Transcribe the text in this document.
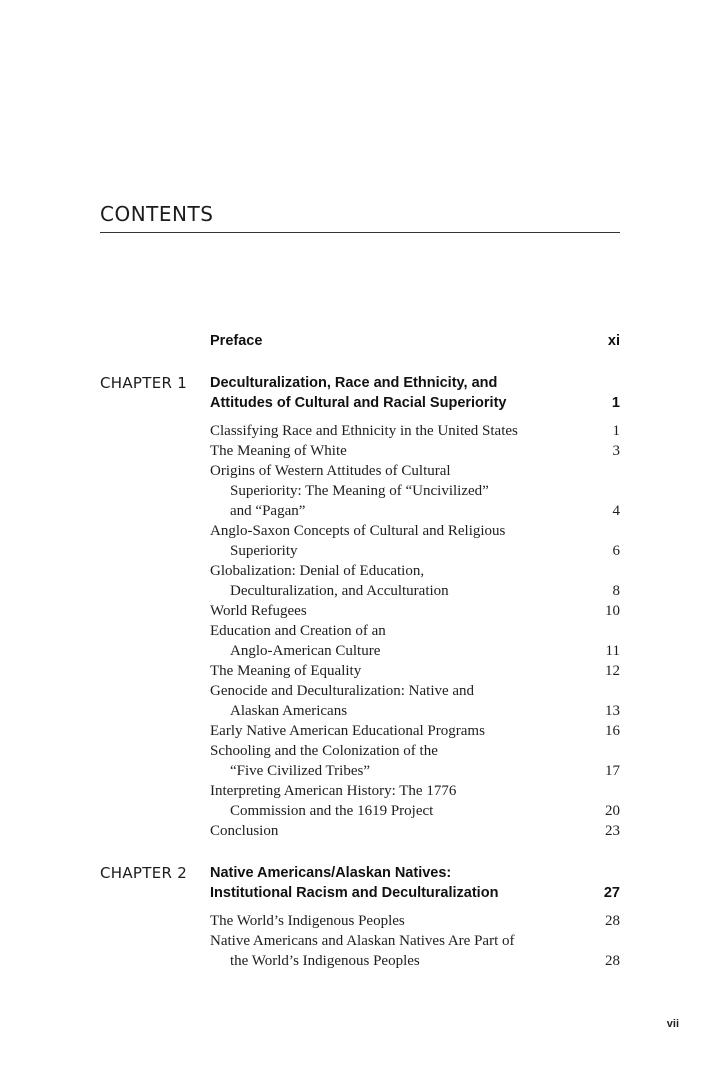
CONTENTS
Preface	xi
CHAPTER 1 Deculturalization, Race and Ethnicity, and
Attitudes of Cultural and Racial Superiority	1
Classifying Race and Ethnicity in the United States	1
The Meaning of White	3
Origins of Western Attitudes of Cultural
Superiority: The Meaning of “Uncivilized”
and “Pagan”	4
Anglo-Saxon Concepts of Cultural and Religious
Superiority	6
Globalization: Denial of Education,
Deculturalization, and Acculturation	8
World Refugees	10
Education and Creation of an
Anglo-American Culture	11
The Meaning of Equality	12
Genocide and Deculturalization: Native and
Alaskan Americans	13
Early Native American Educational Programs	16
Schooling and the Colonization of the
“Five Civilized Tribes”	17
Interpreting American History: The 1776
Commission and the 1619 Project	20
Conclusion	23
CHAPTER 2 Native Americans/Alaskan Natives:
Institutional Racism and Deculturalization	27
The World’s Indigenous Peoples	28
Native Americans and Alaskan Natives Are Part of
the World’s Indigenous Peoples	28
vii
